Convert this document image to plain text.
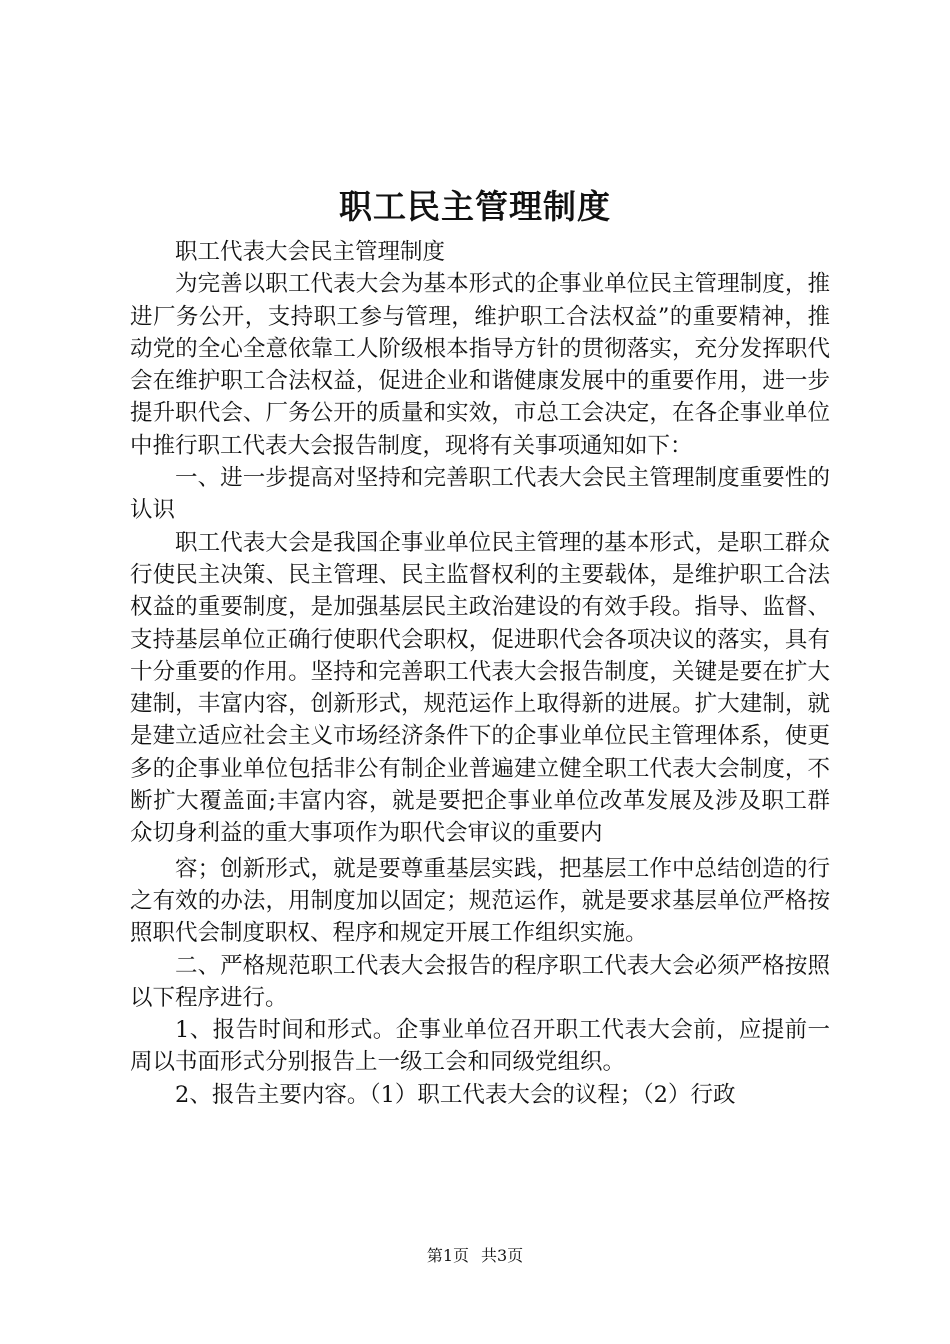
职工民主管理制度

职工代表大会民主管理制度

为完善以职工代表大会为基本形式的企事业单位民主管理制度，推进厂务公开，支持职工参与管理，维护职工合法权益”的重要精神，推动党的全心全意依靠工人阶级根本指导方针的贯彻落实，充分发挥职代会在维护职工合法权益，促进企业和谐健康发展中的重要作用，进一步提升职代会、厂务公开的质量和实效，市总工会决定，在各企事业单位中推行职工代表大会报告制度，现将有关事项通知如下：

一、进一步提高对坚持和完善职工代表大会民主管理制度重要性的认识

职工代表大会是我国企事业单位民主管理的基本形式，是职工群众行使民主决策、民主管理、民主监督权利的主要载体，是维护职工合法权益的重要制度，是加强基层民主政治建设的有效手段。指导、监督、支持基层单位正确行使职代会职权，促进职代会各项决议的落实，具有十分重要的作用。坚持和完善职工代表大会报告制度，关键是要在扩大建制，丰富内容，创新形式，规范运作上取得新的进展。扩大建制，就是建立适应社会主义市场经济条件下的企事业单位民主管理体系，使更多的企事业单位包括非公有制企业普遍建立健全职工代表大会制度，不断扩大覆盖面;丰富内容，就是要把企事业单位改革发展及涉及职工群众切身利益的重大事项作为职代会审议的重要内

容；创新形式，就是要尊重基层实践，把基层工作中总结创造的行之有效的办法，用制度加以固定；规范运作，就是要求基层单位严格按照职代会制度职权、程序和规定开展工作组织实施。

二、严格规范职工代表大会报告的程序职工代表大会必须严格按照以下程序进行。

1、报告时间和形式。企事业单位召开职工代表大会前，应提前一周以书面形式分别报告上一级工会和同级党组织。

2、报告主要内容。（1）职工代表大会的议程；（2）行政

第1页 共3页
